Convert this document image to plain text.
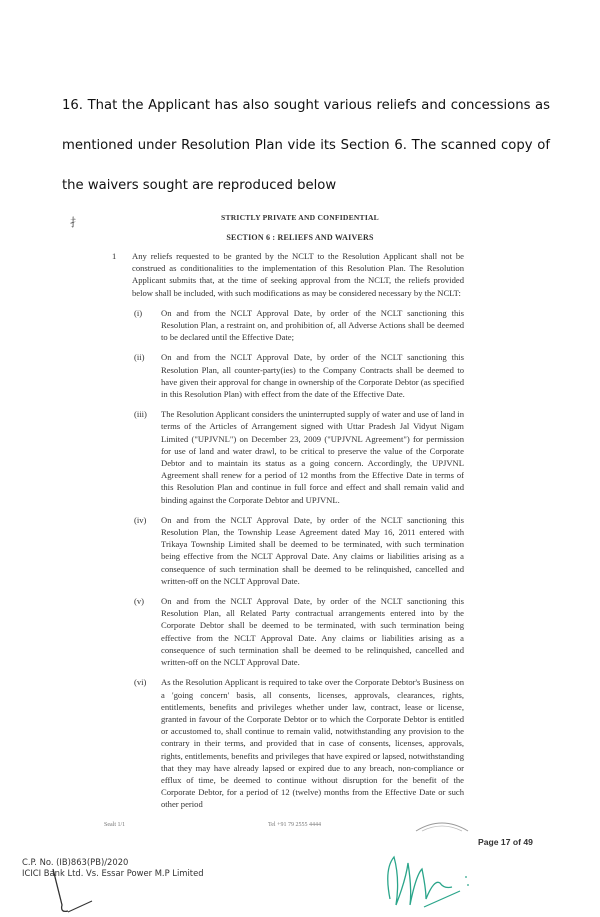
16. That the Applicant has also sought various reliefs and concessions as mentioned under Resolution Plan vide its Section 6. The scanned copy of the waivers sought are reproduced below
⺘	STRICTLY PRIVATE AND CONFIDENTIAL
SECTION 6 : RELIEFS AND WAIVERS
1	Any reliefs requested to be granted by the NCLT to the Resolution Applicant shall not be construed as conditionalities to the implementation of this Resolution Plan. The Resolution Applicant submits that, at the time of seeking approval from the NCLT, the reliefs provided below shall be included, with such modifications as may be considered necessary by the NCLT:
(i)	On and from the NCLT Approval Date, by order of the NCLT sanctioning this Resolution Plan, a restraint on, and prohibition of, all Adverse Actions shall be deemed to be declared until the Effective Date;
(ii)	On and from the NCLT Approval Date, by order of the NCLT sanctioning this Resolution Plan, all counter-party(ies) to the Company Contracts shall be deemed to have given their approval for change in ownership of the Corporate Debtor (as specified in this Resolution Plan) with effect from the date of the Effective Date.
(iii)	The Resolution Applicant considers the uninterrupted supply of water and use of land in terms of the Articles of Arrangement signed with Uttar Pradesh Jal Vidyut Nigam Limited ("UPJVNL") on December 23, 2009 ("UPJVNL Agreement") for permission for use of land and water drawl, to be critical to preserve the value of the Corporate Debtor and to maintain its status as a going concern. Accordingly, the UPJVNL Agreement shall renew for a period of 12 months from the Effective Date in terms of this Resolution Plan and continue in full force and effect and shall remain valid and binding against the Corporate Debtor and UPJVNL.
(iv)	On and from the NCLT Approval Date, by order of the NCLT sanctioning this Resolution Plan, the Township Lease Agreement dated May 16, 2011 entered with Trikaya Township Limited shall be deemed to be terminated, with such termination being effective from the NCLT Approval Date. Any claims or liabilities arising as a consequence of such termination shall be deemed to be relinquished, cancelled and written-off on the NCLT Approval Date.
(v)	On and from the NCLT Approval Date, by order of the NCLT sanctioning this Resolution Plan, all Related Party contractual arrangements entered into by the Corporate Debtor shall be deemed to be terminated, with such termination being effective from the NCLT Approval Date. Any claims or liabilities arising as a consequence of such termination shall be deemed to be relinquished, cancelled and written-off on the NCLT Approval Date.
(vi)	As the Resolution Applicant is required to take over the Corporate Debtor's Business on a 'going concern' basis, all consents, licenses, approvals, clearances, rights, entitlements, benefits and privileges whether under law, contract, lease or license, granted in favour of the Corporate Debtor or to which the Corporate Debtor is entitled or accustomed to, shall continue to remain valid, notwithstanding any provision to the contrary in their terms, and provided that in case of consents, licenses, approvals, rights, entitlements, benefits and privileges that have expired or lapsed, notwithstanding that they may have already lapsed or expired due to any breach, non-compliance or efflux of time, be deemed to continue without disruption for the benefit of the Corporate Debtor, for a period of 12 (twelve) months from the Effective Date or such other period
Sealt 1/1	Tel +91 79 2555 4444
Page 17 of 49
C.P. No. (IB)863(PB)/2020
ICICI Bank Ltd. Vs. Essar Power M.P Limited
